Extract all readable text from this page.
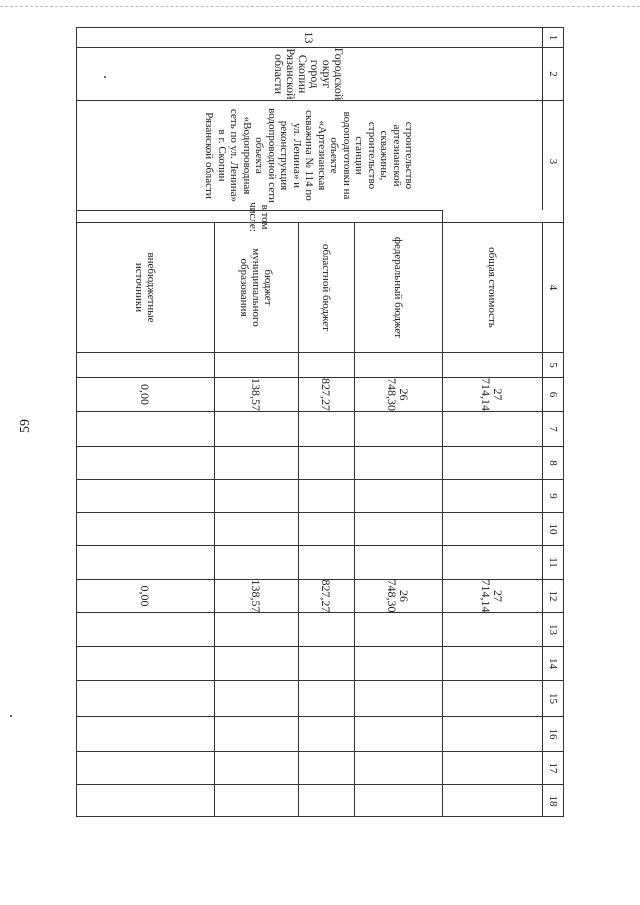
59
1
2
3
4
5
6
7
8
9
10
11
12
13
14
15
16
17
18
13
Городской округ город Скопин Рязанской области
строительство артезианской скважины, строительство станции водоподготовки на объекте «Артезианская скважина № 114 по ул. Ленина» и реконструкция водопроводной сети объекта «Водопроводная сеть по ул. Ленина» в г. Скопин Рязанской области
в том числе:
общая стоимость
27 714,14
27 714,14
федеральный бюджет
26 748,30
26 748,30
областной бюджет
827,27
827,27
бюджет муниципального образования
138,57
138,57
внебюджетные источники
0,00
0,00
